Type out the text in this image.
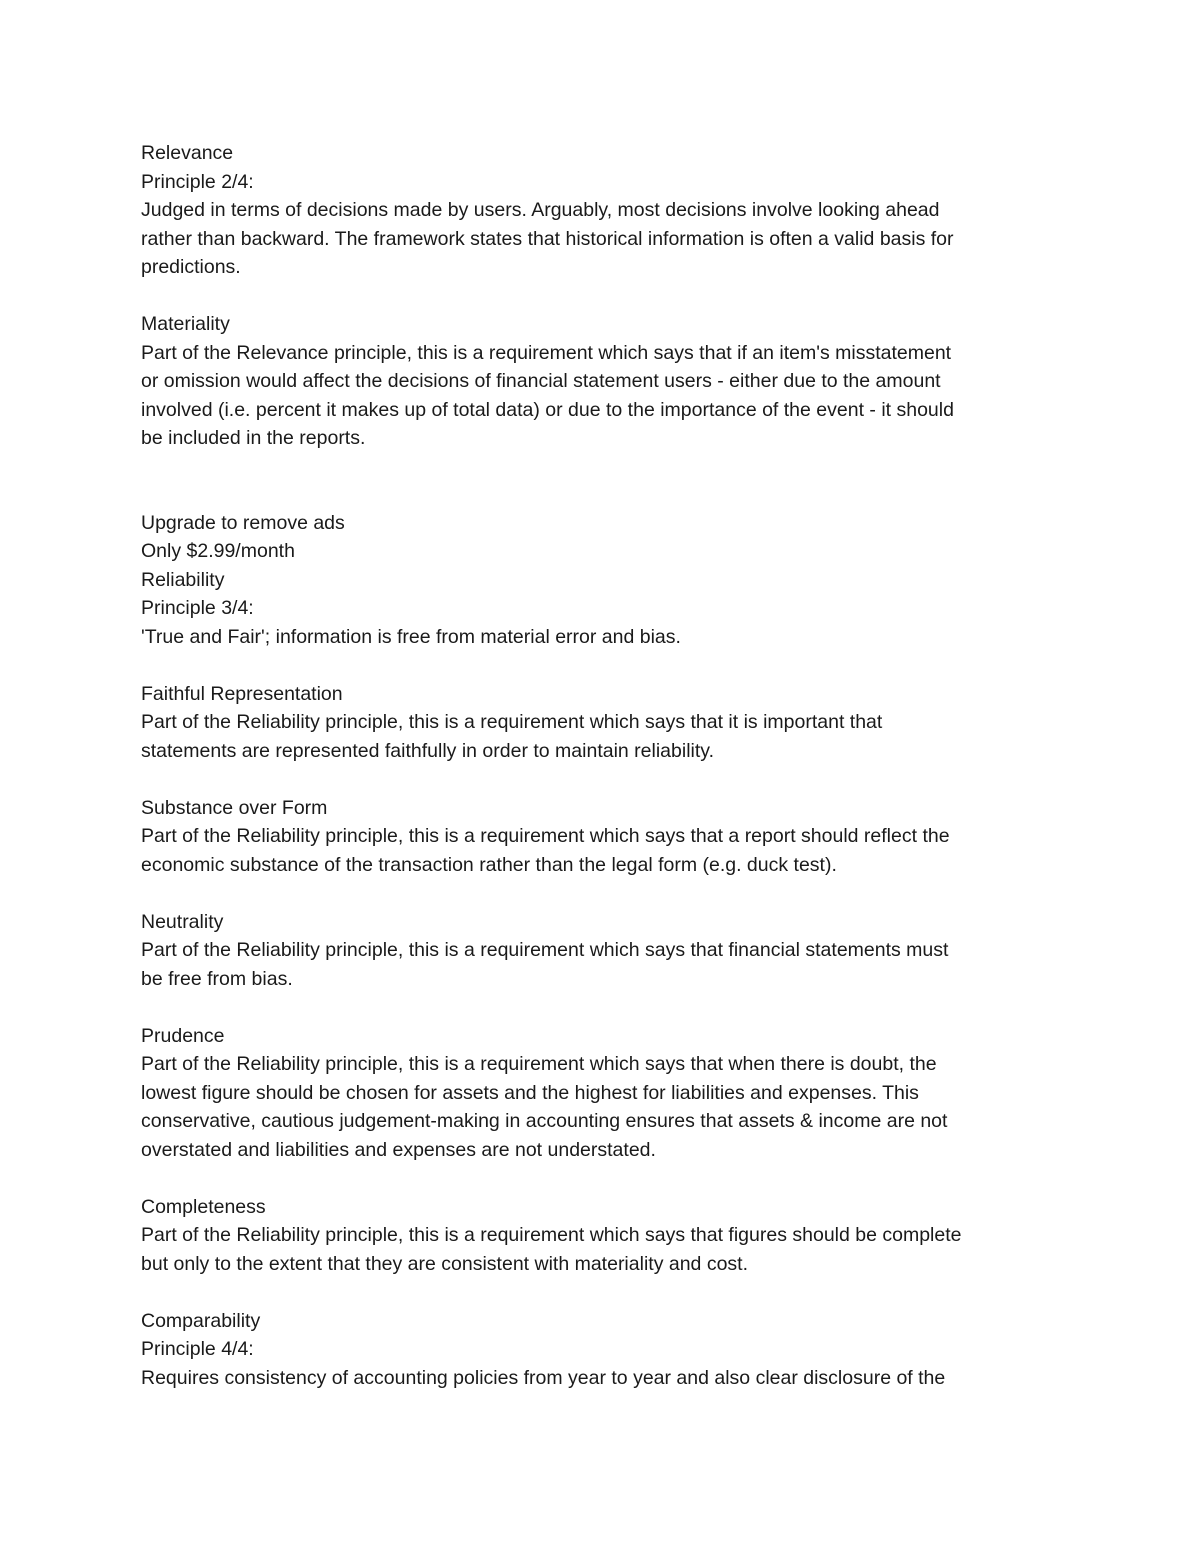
Relevance
Principle 2/4:
Judged in terms of decisions made by users. Arguably, most decisions involve looking ahead
rather than backward. The framework states that historical information is often a valid basis for
predictions.
Materiality
Part of the Relevance principle, this is a requirement which says that if an item's misstatement
or omission would affect the decisions of financial statement users - either due to the amount
involved (i.e. percent it makes up of total data) or due to the importance of the event - it should
be included in the reports.
Upgrade to remove ads
Only $2.99/month
Reliability
Principle 3/4:
'True and Fair'; information is free from material error and bias.
Faithful Representation
Part of the Reliability principle, this is a requirement which says that it is important that
statements are represented faithfully in order to maintain reliability.
Substance over Form
Part of the Reliability principle, this is a requirement which says that a report should reflect the
economic substance of the transaction rather than the legal form (e.g. duck test).
Neutrality
Part of the Reliability principle, this is a requirement which says that financial statements must
be free from bias.
Prudence
Part of the Reliability principle, this is a requirement which says that when there is doubt, the
lowest figure should be chosen for assets and the highest for liabilities and expenses. This
conservative, cautious judgement-making in accounting ensures that assets & income are not
overstated and liabilities and expenses are not understated.
Completeness
Part of the Reliability principle, this is a requirement which says that figures should be complete
but only to the extent that they are consistent with materiality and cost.
Comparability
Principle 4/4:
Requires consistency of accounting policies from year to year and also clear disclosure of the
